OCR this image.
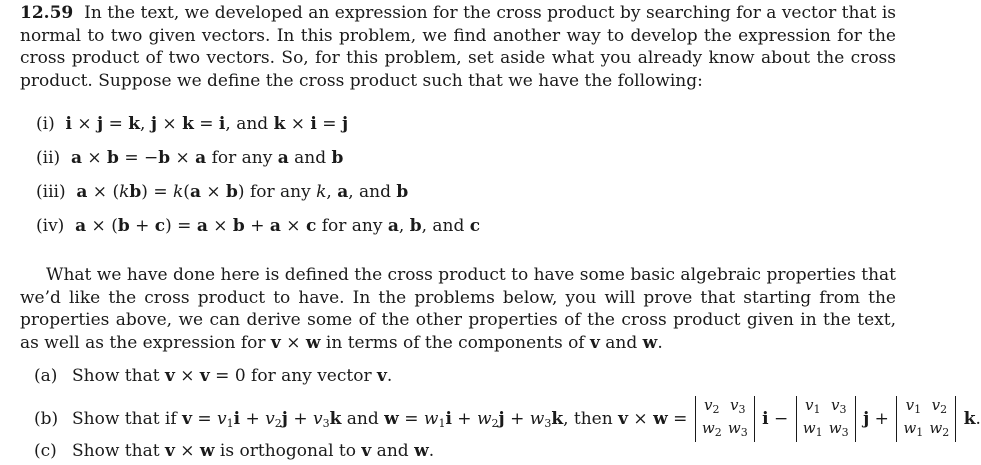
12.59 In the text, we developed an expression for the cross product by searching for a vector that is normal to two given vectors. In this problem, we find another way to develop the expression for the cross product of two vectors. So, for this problem, set aside what you already know about the cross product. Suppose we define the cross product such that we have the following:
(i) i × j = k, j × k = i, and k × i = j
(ii) a × b = −b × a for any a and b
(iii) a × (kb) = k(a × b) for any k, a, and b
(iv) a × (b + c) = a × b + a × c for any a, b, and c
What we have done here is defined the cross product to have some basic algebraic properties that we’d like the cross product to have. In the problems below, you will prove that starting from the properties above, we can derive some of the other properties of the cross product given in the text, as well as the expression for v × w in terms of the components of v and w.
(a) Show that v × v = 0 for any vector v.
(b) Show that if $v = v_1i + v_2j + v_3k$ and $w = w_1i + w_2j + w_3k$, then v × w =
$v_2$ $v_3$
$w_2$ $w_3$
i −
$v_1$ $v_3$
$w_1$ $w_3$
j +
$v_1$ $v_2$
$w_1$ $w_2$
k.
(c) Show that v × w is orthogonal to v and w.
